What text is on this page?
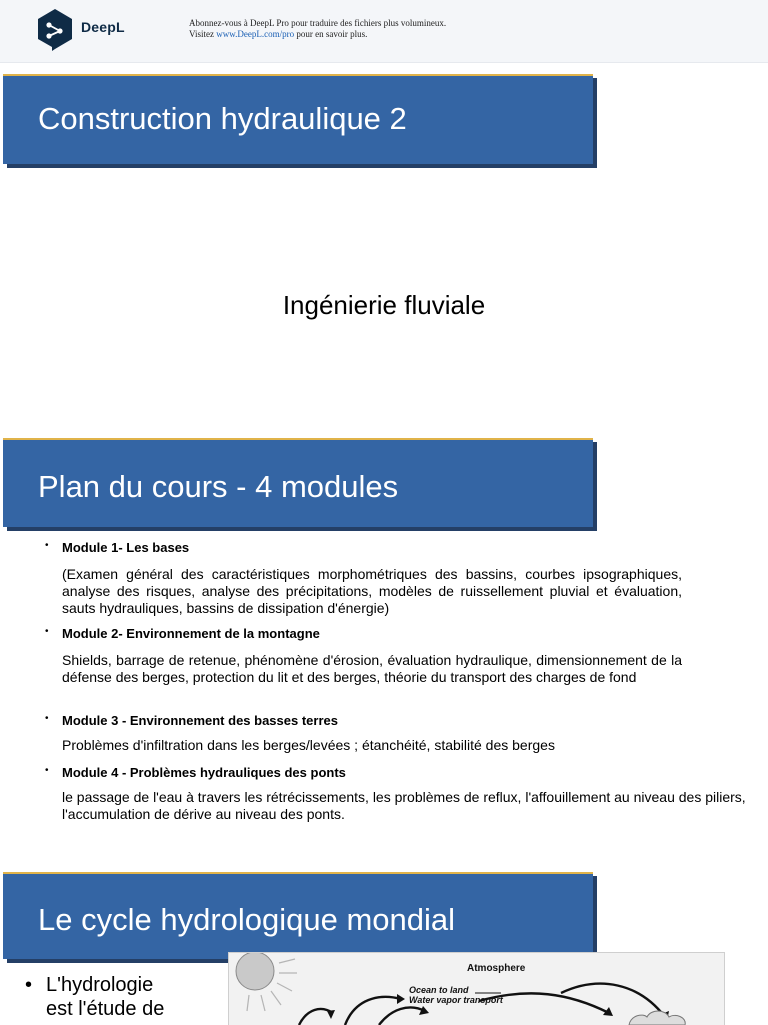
DeepL	Abonnez-vous à DeepL Pro pour traduire des fichiers plus volumineux.
Visitez www.DeepL.com/pro pour en savoir plus.
Construction hydraulique 2
Ingénierie fluviale
Plan du cours - 4 modules
• Module 1- Les bases
(Examen général des caractéristiques morphométriques des bassins, courbes ipsographiques, analyse des risques, analyse des précipitations, modèles de ruissellement pluvial et évaluation, sauts hydrauliques, bassins de dissipation d'énergie)
• Module 2- Environnement de la montagne
Shields, barrage de retenue, phénomène d'érosion, évaluation hydraulique, dimensionnement de la défense des berges, protection du lit et des berges, théorie du transport des charges de fond
• Module 3 - Environnement des basses terres
Problèmes d'infiltration dans les berges/levées ; étanchéité, stabilité des berges
• Module 4 - Problèmes hydrauliques des ponts
le passage de l'eau à travers les rétrécissements, les problèmes de reflux, l'affouillement au niveau des piliers, l'accumulation de dérive au niveau des ponts.
Le cycle hydrologique mondial
• L'hydrologie
est l'étude de
Atmosphere
Ocean to land
Water vapor transport
